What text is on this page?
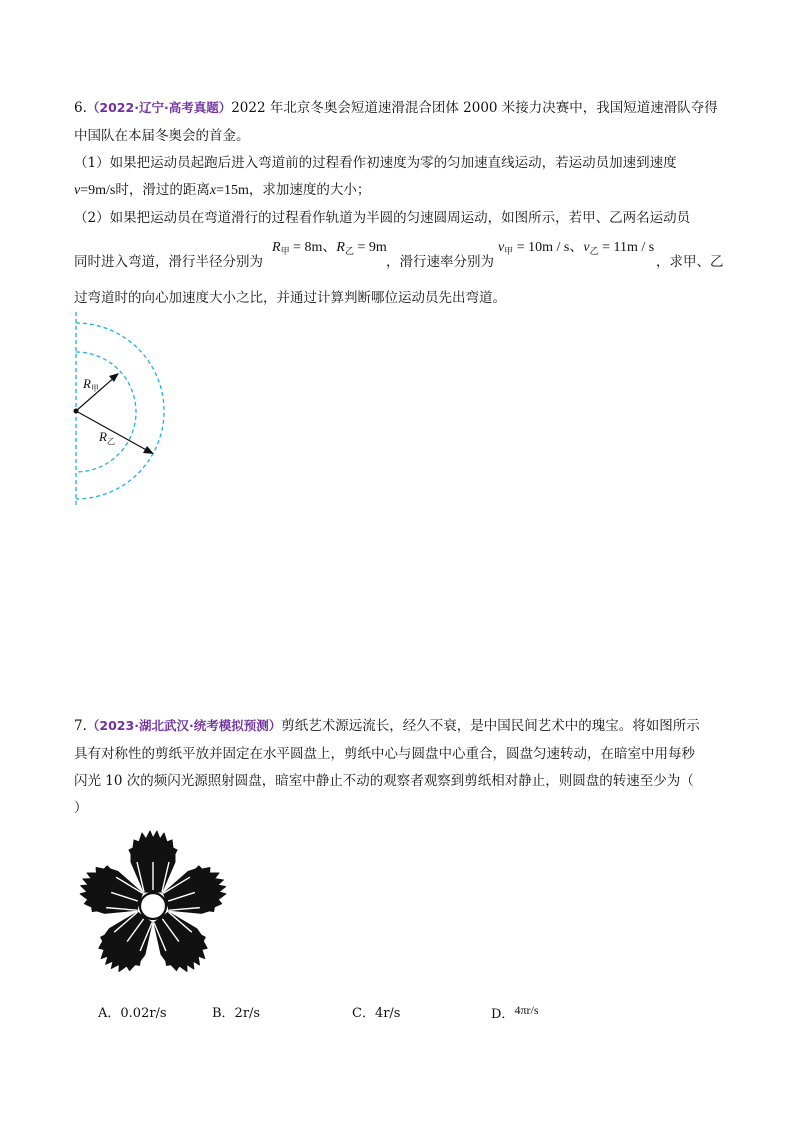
6.（2022·辽宁·高考真题）2022 年北京冬奥会短道速滑混合团体 2000 米接力决赛中，我国短道速滑队夺得
中国队在本届冬奥会的首金。
（1）如果把运动员起跑后进入弯道前的过程看作初速度为零的匀加速直线运动，若运动员加速到速度
v=9m/s时，滑过的距离x=15m，求加速度的大小；
（2）如果把运动员在弯道滑行的过程看作轨道为半圆的匀速圆周运动，如图所示，若甲、乙两名运动员
$R_甲 = 8m$、$R_乙 = 9m$	$v_甲 = 10m / s$、$v_乙 = 11m / s$
同时进入弯道，滑行半径分别为	，滑行速率分别为	，求甲、乙
过弯道时的向心加速度大小之比，并通过计算判断哪位运动员先出弯道。
$R_甲$
$R_乙$
7.（2023·湖北武汉·统考模拟预测）剪纸艺术源远流长，经久不衰，是中国民间艺术中的瑰宝。将如图所示
具有对称性的剪纸平放并固定在水平圆盘上，剪纸中心与圆盘中心重合，圆盘匀速转动，在暗室中用每秒
闪光 10 次的频闪光源照射圆盘，暗室中静止不动的观察者观察到剪纸相对静止，则圆盘的转速至少为（
）
A．0.02r/s	B．2r/s	C．4r/s	D．4πr/s
